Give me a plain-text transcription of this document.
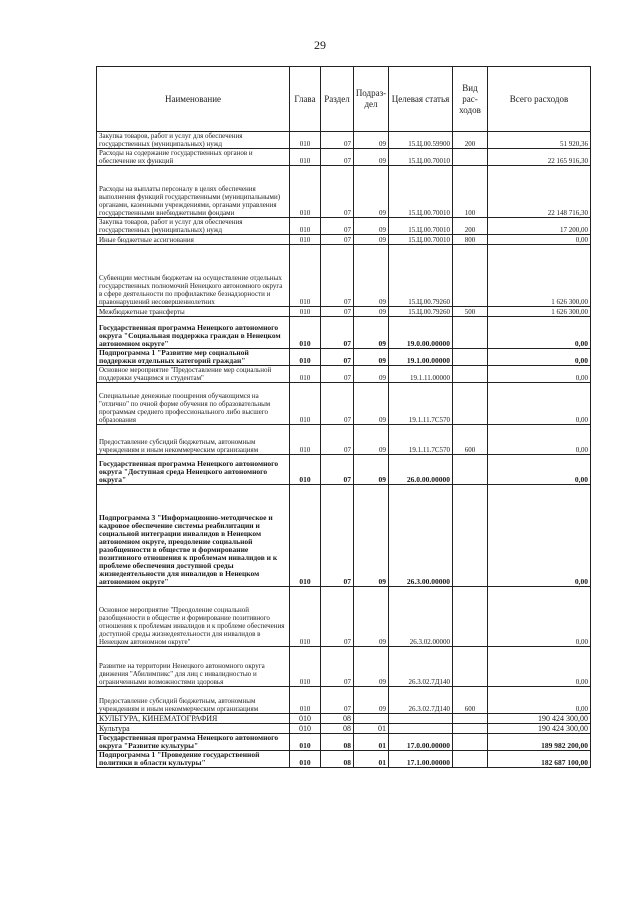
29
Наименование	Глава	Раздел	Подраз-дел	Целевая статья	Вид рас-ходов	Всего расходов
Закупка товаров, работ и услуг для обеспечения государственных (муниципальных) нужд	010	07	09	15.Ц.00.59900	200	51 920,36
Расходы на содержание государственных органов и обеспечение их функций	010	07	09	15.Ц.00.70010		22 165 916,30
Расходы на выплаты персоналу в целях обеспечения выполнения функций государственными (муниципальными) органами, казенными учреждениями, органами управления государственными внебюджетными фондами	010	07	09	15.Ц.00.70010	100	22 148 716,30
Закупка товаров, работ и услуг для обеспечения государственных (муниципальных) нужд	010	07	09	15.Ц.00.70010	200	17 200,00
Иные бюджетные ассигнования	010	07	09	15.Ц.00.70010	800	0,00
Субвенции местным бюджетам на осуществление отдельных государственных полномочий Ненецкого автономного округа в сфере деятельности по профилактике безнадзорности и правонарушений несовершеннолетних	010	07	09	15.Ц.00.79260		1 626 300,00
Межбюджетные трансферты	010	07	09	15.Ц.00.79260	500	1 626 300,00
Государственная программа Ненецкого автономного округа "Социальная поддержка граждан в Ненецком автономном округе"	010	07	09	19.0.00.00000		0,00
Подпрограмма 1 "Развитие мер социальной поддержки отдельных категорий граждан"	010	07	09	19.1.00.00000		0,00
Основное мероприятие "Предоставление мер социальной поддержки учащимся и студентам"	010	07	09	19.1.11.00000		0,00
Специальные денежные поощрения обучающимся на "отлично" по очной форме обучения по образовательным программам среднего профессионального либо высшего образования	010	07	09	19.1.11.7С570		0,00
Предоставление субсидий бюджетным, автономным учреждениям и иным некоммерческим организациям	010	07	09	19.1.11.7С570	600	0,00
Государственная программа Ненецкого автономного округа "Доступная среда Ненецкого автономного округа"	010	07	09	26.0.00.00000		0,00
Подпрограмма 3 "Информационно-методическое и кадровое обеспечение системы реабилитации и социальной интеграции инвалидов в Ненецком автономном округе, преодоление социальной разобщенности в обществе и формирование позитивного отношения к проблемам инвалидов и к проблеме обеспечения доступной среды жизнедеятельности для инвалидов в Ненецком автономном округе"	010	07	09	26.3.00.00000		0,00
Основное мероприятие "Преодоление социальной разобщенности в обществе и формирование позитивного отношения к проблемам инвалидов и к проблеме обеспечения доступной среды жизнедеятельности для инвалидов в Ненецком автономном округе"	010	07	09	26.3.02.00000		0,00
Развитие на территории Ненецкого автономного округа движения "Абилимпикс" для лиц с инвалидностью и ограниченными возможностями здоровья	010	07	09	26.3.02.7Д140		0,00
Предоставление субсидий бюджетным, автономным учреждениям и иным некоммерческим организациям	010	07	09	26.3.02.7Д140	600	0,00
КУЛЬТУРА, КИНЕМАТОГРАФИЯ	010	08				190 424 300,00
Культура	010	08	01			190 424 300,00
Государственная программа Ненецкого автономного округа "Развитие культуры"	010	08	01	17.0.00.00000		189 982 200,00
Подпрограмма 1 "Проведение государственной политики в области культуры"	010	08	01	17.1.00.00000		182 687 100,00
